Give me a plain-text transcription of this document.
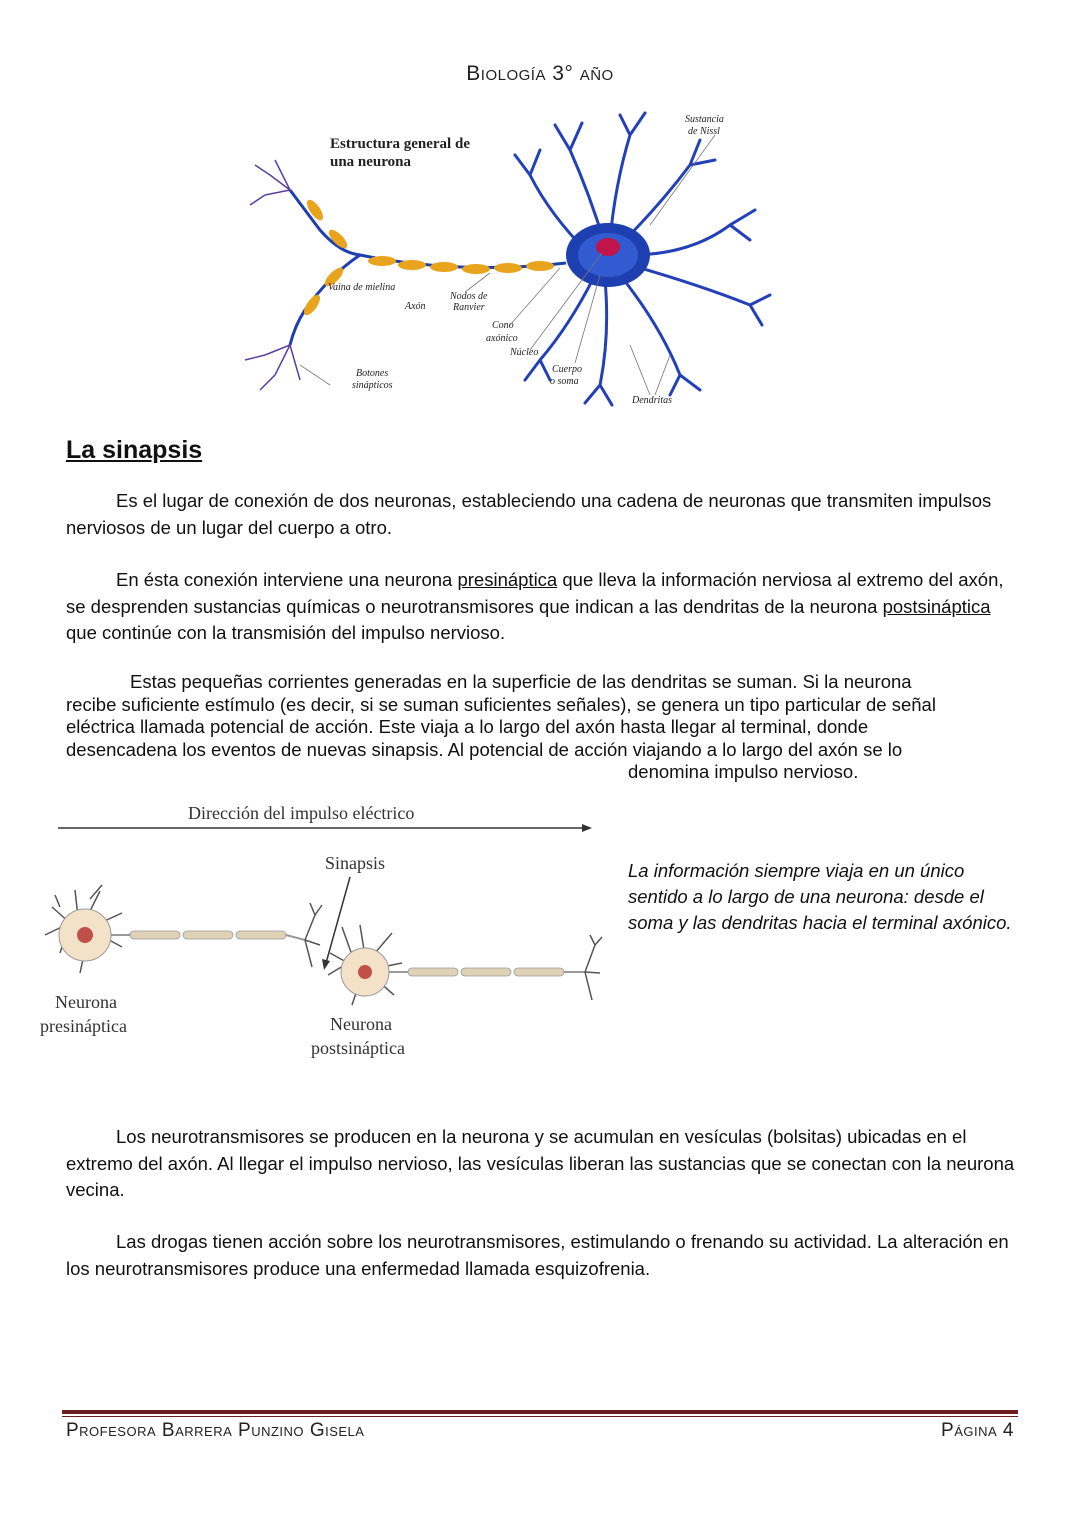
Biología 3° año
Estructura general de
una neurona
Sustancia
de Nissl
Vaina de mielina
Axón
Nodos de
Ranvier
Cono
axónico
Núcleo
Cuerpo
o soma
Botones
sinápticos
Dendritas
La sinapsis
Es el lugar de conexión de dos neuronas, estableciendo una cadena de neuronas que transmiten impulsos nerviosos de un lugar del cuerpo a otro.
En ésta conexión interviene una neurona presináptica que lleva la información nerviosa al extremo del axón, se desprenden sustancias químicas o neurotransmisores que indican a las dendritas de la neurona postsináptica que continúe con la transmisión del impulso nervioso.
Estas pequeñas corrientes generadas en la superficie de las dendritas se suman. Si la neurona
recibe suficiente estímulo (es decir, si se suman suficientes señales), se genera un tipo particular de señal
eléctrica llamada potencial de acción. Este viaja a lo largo del axón hasta llegar al terminal, donde
desencadena los eventos de nuevas sinapsis. Al potencial de acción viajando a lo largo del axón se lo
denomina impulso nervioso.
Dirección del impulso eléctrico
Sinapsis
Neurona
presináptica	Neurona
postsináptica
La información siempre viaja en un único sentido a lo largo de una neurona: desde el soma y las dendritas hacia el terminal axónico.
Los neurotransmisores se producen en la neurona y se acumulan en vesículas (bolsitas) ubicadas en el extremo del axón. Al llegar el impulso nervioso, las vesículas liberan las sustancias que se conectan con la neurona vecina.
Las drogas tienen acción sobre los neurotransmisores, estimulando o frenando su actividad. La alteración en los neurotransmisores produce una enfermedad llamada esquizofrenia.
Profesora Barrera Punzino Gisela	Página 4
